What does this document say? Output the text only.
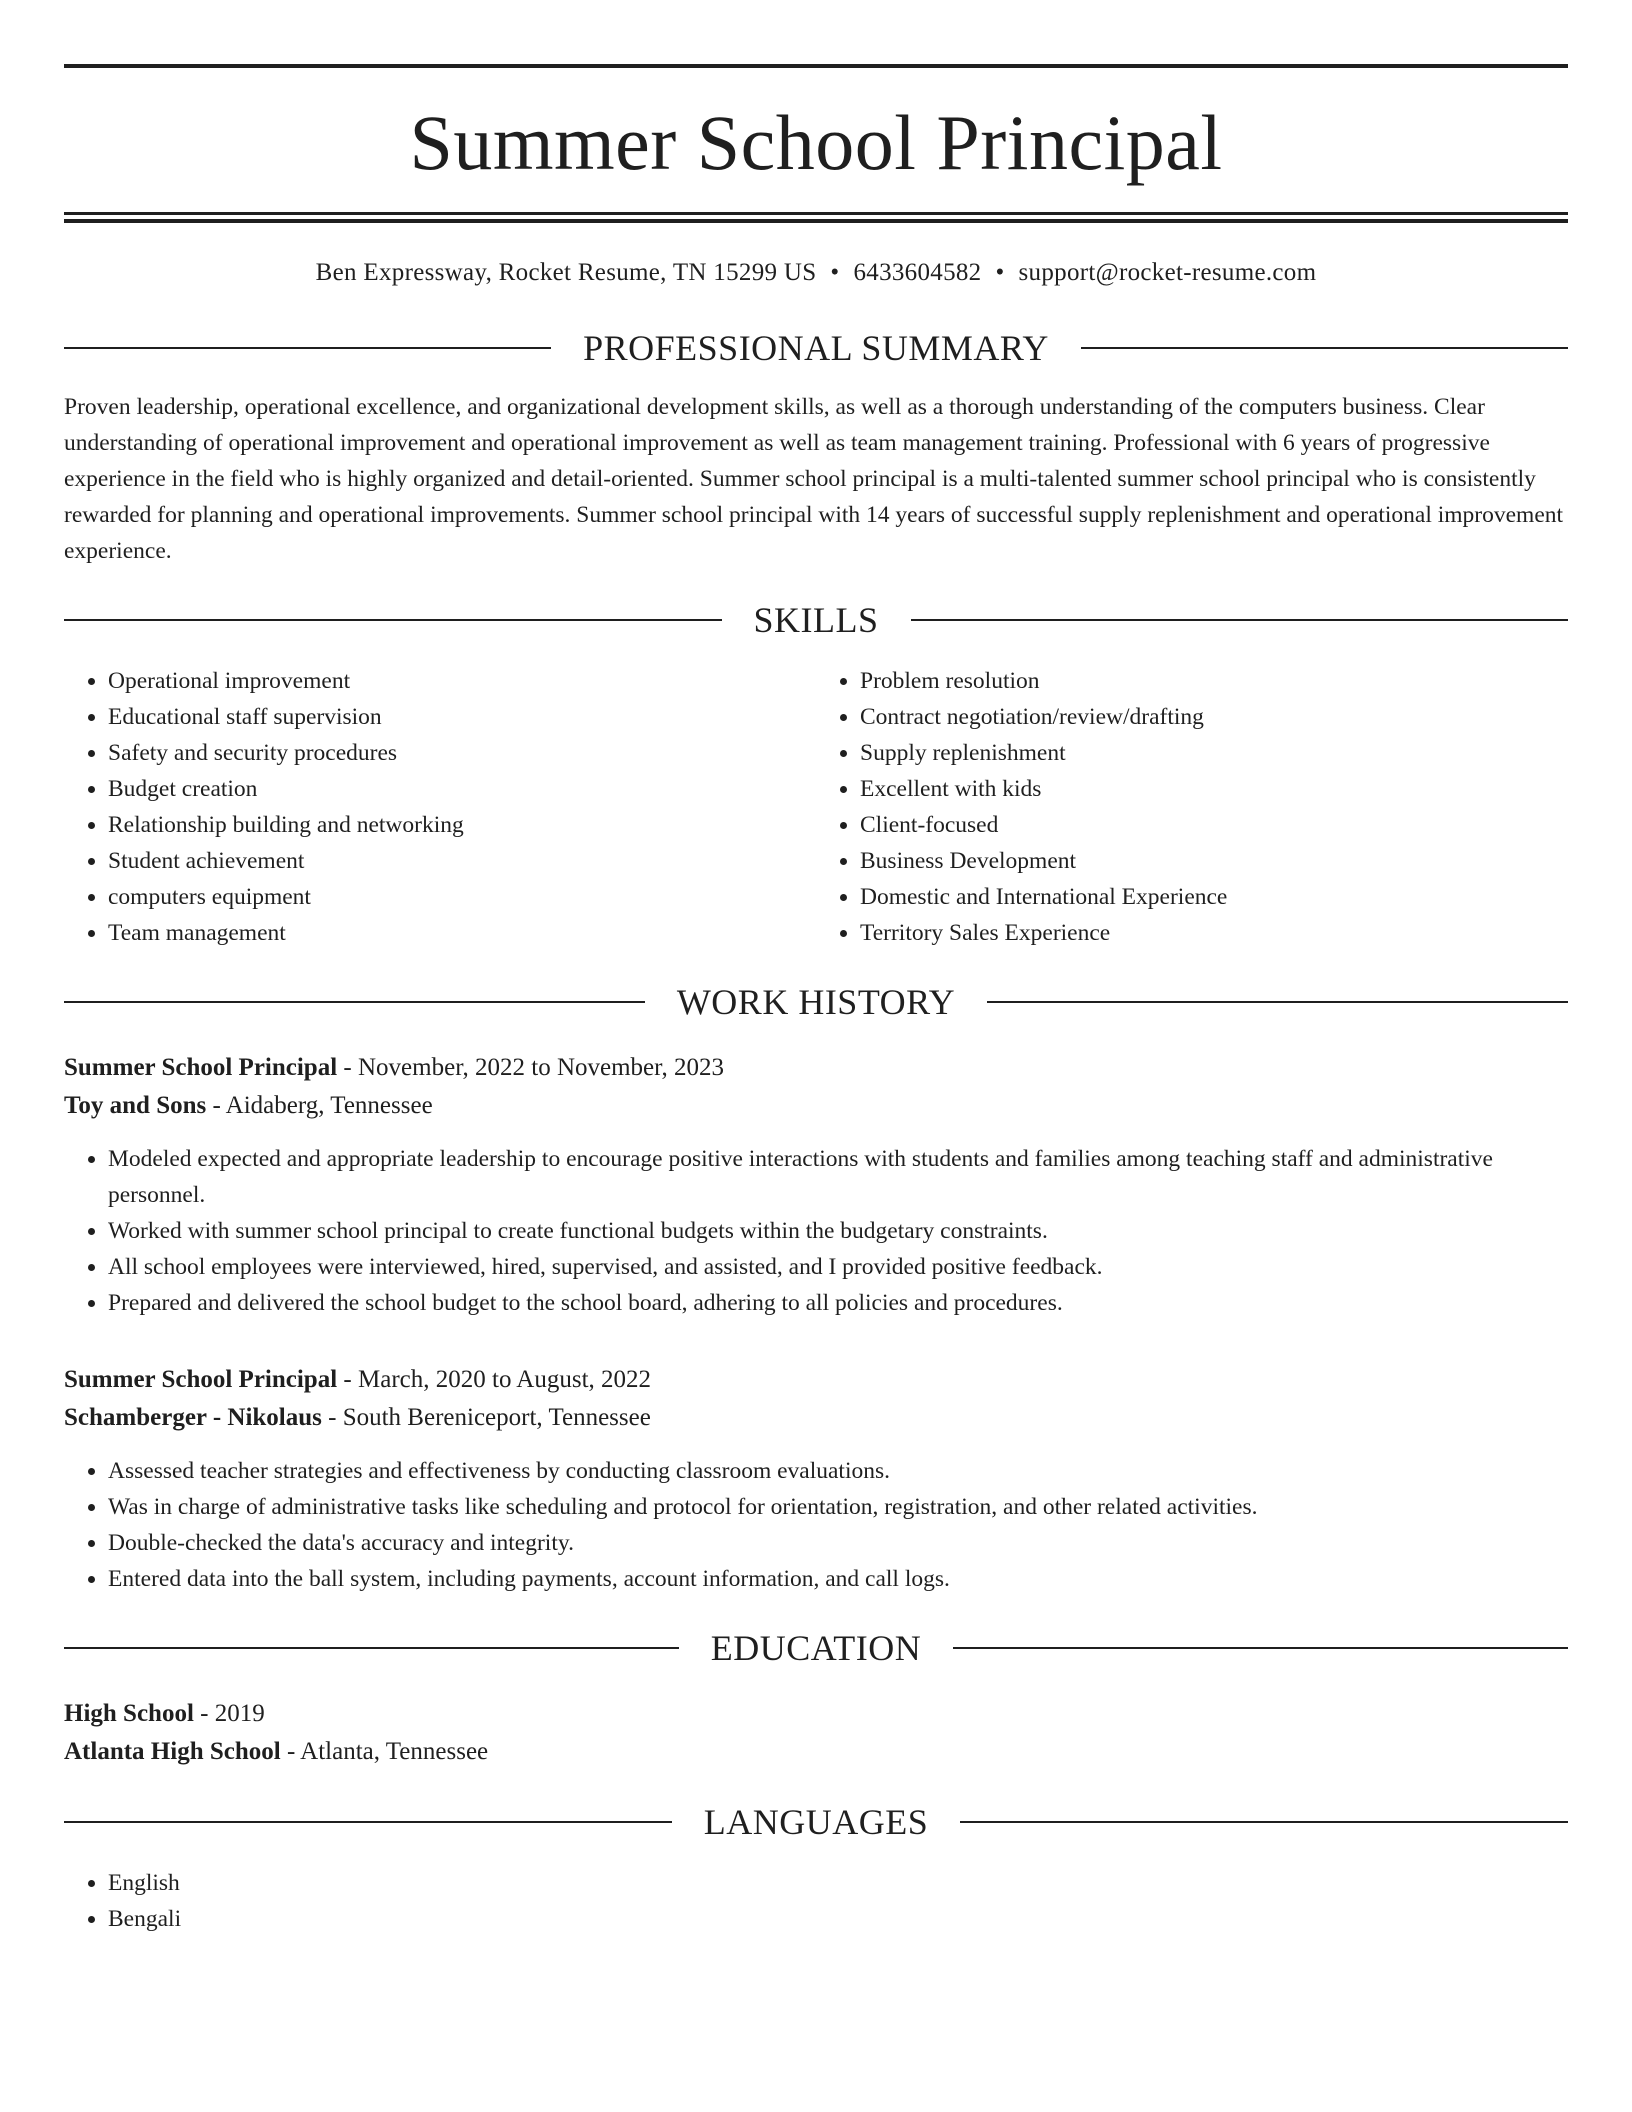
Summer School Principal
Ben Expressway, Rocket Resume, TN 15299 US • 6433604582 • support@rocket-resume.com
PROFESSIONAL SUMMARY
Proven leadership, operational excellence, and organizational development skills, as well as a thorough understanding of the computers business. Clear understanding of operational improvement and operational improvement as well as team management training. Professional with 6 years of progressive experience in the field who is highly organized and detail-oriented. Summer school principal is a multi-talented summer school principal who is consistently rewarded for planning and operational improvements. Summer school principal with 14 years of successful supply replenishment and operational improvement experience.
SKILLS
• Operational improvement
• Educational staff supervision
• Safety and security procedures
• Budget creation
• Relationship building and networking
• Student achievement
• computers equipment
• Team management
• Problem resolution
• Contract negotiation/review/drafting
• Supply replenishment
• Excellent with kids
• Client-focused
• Business Development
• Domestic and International Experience
• Territory Sales Experience
WORK HISTORY
Summer School Principal - November, 2022 to November, 2023
Toy and Sons - Aidaberg, Tennessee
• Modeled expected and appropriate leadership to encourage positive interactions with students and families among teaching staff and administrative personnel.
• Worked with summer school principal to create functional budgets within the budgetary constraints.
• All school employees were interviewed, hired, supervised, and assisted, and I provided positive feedback.
• Prepared and delivered the school budget to the school board, adhering to all policies and procedures.
Summer School Principal - March, 2020 to August, 2022
Schamberger - Nikolaus - South Bereniceport, Tennessee
• Assessed teacher strategies and effectiveness by conducting classroom evaluations.
• Was in charge of administrative tasks like scheduling and protocol for orientation, registration, and other related activities.
• Double-checked the data's accuracy and integrity.
• Entered data into the ball system, including payments, account information, and call logs.
EDUCATION
High School - 2019
Atlanta High School - Atlanta, Tennessee
LANGUAGES
• English
• Bengali
